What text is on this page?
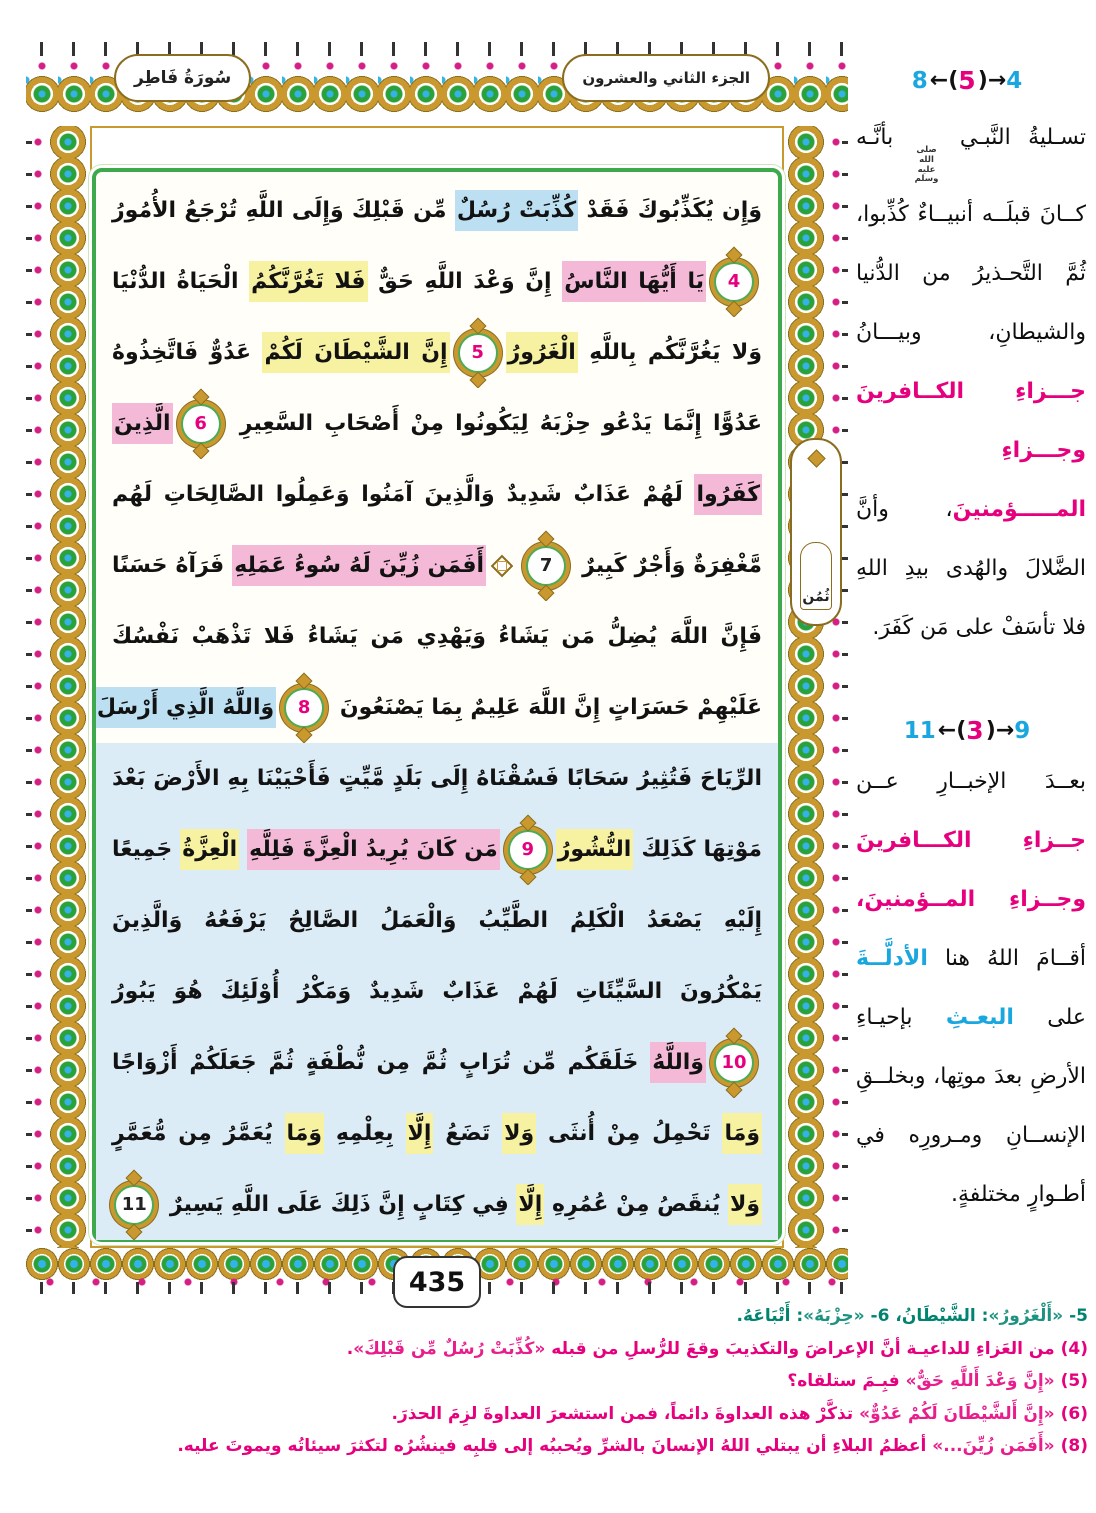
سُورَةُ فَاطِر	الجزء الثاني والعشرون
ثُمُن
وَإِن يُكَذِّبُوكَ فَقَدْ كُذِّبَتْ رُسُلٌ مِّن قَبْلِكَ وَإِلَى اللَّهِ تُرْجَعُ الأُمُورُ
4يَا أَيُّهَا النَّاسُ إِنَّ وَعْدَ اللَّهِ حَقٌّ فَلا تَغُرَّنَّكُمُ الْحَيَاةُ الدُّنْيَا
وَلا يَغُرَّنَّكُم بِاللَّهِ الْغَرُورُ5إِنَّ الشَّيْطَانَ لَكُمْ عَدُوٌّ فَاتَّخِذُوهُ
عَدُوًّا إِنَّمَا يَدْعُو حِزْبَهُ لِيَكُونُوا مِنْ أَصْحَابِ السَّعِيرِ 6الَّذِينَ
كَفَرُوا لَهُمْ عَذَابٌ شَدِيدٌ وَالَّذِينَ آمَنُوا وَعَمِلُوا الصَّالِحَاتِ لَهُم
مَّغْفِرَةٌ وَأَجْرٌ كَبِيرٌ 7أَفَمَن زُيِّنَ لَهُ سُوءُ عَمَلِهِ فَرَآهُ حَسَنًا
فَإِنَّ اللَّهَ يُضِلُّ مَن يَشَاءُ وَيَهْدِي مَن يَشَاءُ فَلا تَذْهَبْ نَفْسُكَ
عَلَيْهِمْ حَسَرَاتٍ إِنَّ اللَّهَ عَلِيمٌ بِمَا يَصْنَعُونَ 8وَاللَّهُ الَّذِي أَرْسَلَ
الرِّيَاحَ فَتُثِيرُ سَحَابًا فَسُقْنَاهُ إِلَى بَلَدٍ مَّيِّتٍ فَأَحْيَيْنَا بِهِ الأَرْضَ بَعْدَ
مَوْتِهَا كَذَلِكَ النُّشُورُ9مَن كَانَ يُرِيدُ الْعِزَّةَ فَلِلَّهِ الْعِزَّةُ جَمِيعًا
إِلَيْهِ يَصْعَدُ الْكَلِمُ الطَّيِّبُ وَالْعَمَلُ الصَّالِحُ يَرْفَعُهُ وَالَّذِينَ
يَمْكُرُونَ السَّيِّئَاتِ لَهُمْ عَذَابٌ شَدِيدٌ وَمَكْرُ أُوْلَئِكَ هُوَ يَبُورُ
10وَاللَّهُ خَلَقَكُم مِّن تُرَابٍ ثُمَّ مِن نُّطْفَةٍ ثُمَّ جَعَلَكُمْ أَزْوَاجًا
وَمَا تَحْمِلُ مِنْ أُنثَى وَلا تَضَعُ إِلَّا بِعِلْمِهِ وَمَا يُعَمَّرُ مِن مُّعَمَّرٍ
وَلا يُنقَصُ مِنْ عُمُرِهِ إِلَّا فِي كِتَابٍ إِنَّ ذَلِكَ عَلَى اللَّهِ يَسِيرٌ 11
435
8 ← ( 5 ) → 4
تسـليةُ النَّبـي
صلى الله
عليه وسلم
بأنَّـه كــانَ قبلَــه أنبيــاءٌ كُذِّبوا، ثُمَّ التَّحـذيرُ من الدُّنيا والشيطانِ، وبيـــانُ جـــزاءِ الكــافرينَ وجـــزاءِ المـــــؤمنينَ، وأنَّ الضَّلالَ والهُدى بيدِ اللهِ فلا تأسَفْ على مَن كَفَرَ.
11 ← ( 3 ) → 9
بعــدَ الإخبــارِ عــن جــزاءِ الكـــافرينَ وجــزاءِ المــؤمنينَ، أقــامَ اللهُ هنا الأدلَّــةَ على البعـثِ بإحيـاءِ الأرضِ بعدَ موتِها، وبخلــقِ الإنســانِ ومـرورِه في أطـوارٍ مختلفةٍ.
5- «أَلْغَرُورُ»: الشَّيْطَانُ، 6- «حِزْبَهُ»: أَتْبَاعَهُ.
(4) من العَزاءِ للداعيـة أنَّ الإعراضَ والتكذيبَ وقعَ للرُّسلِ من قبله «كُذِّبَتْ رُسُلٌ مِّن قَبْلِكَ».
(5) «إِنَّ وَعْدَ أَللَّهِ حَقٌّ» فبِـمَ ستلقاه؟
(6) «إِنَّ أَلشَّيْطَانَ لَكُمْ عَدُوٌّ» تذكَّرْ هذه العداوةَ دائماً، فمن استشعرَ العداوةَ لزِمَ الحذرَ.
(8) «أَفَمَن زُيِّنَ...» أعظمُ البلاءِ أن يبتلي اللهُ الإنسانَ بالشرِّ ويُحببُه إلى قلبِه فينشُرُه لتكثرَ سيئاتُه ويموتَ عليه.
